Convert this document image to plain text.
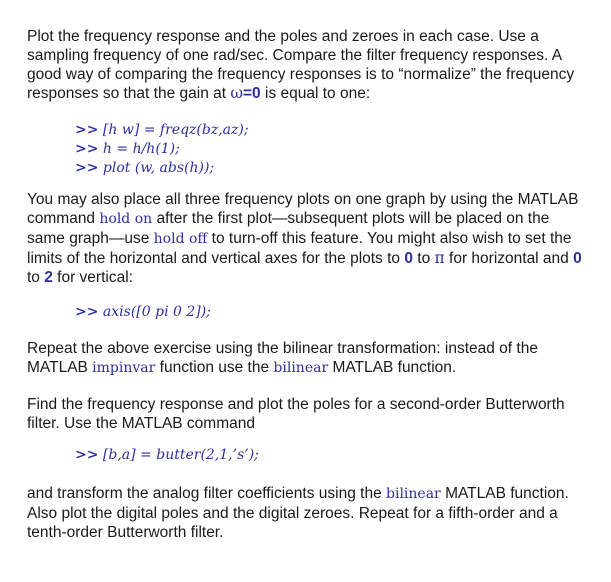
Plot the frequency response and the poles and zeroes in each case. Use a sampling frequency of one rad/sec. Compare the filter frequency responses. A good way of comparing the frequency responses is to “normalize” the frequency responses so that the gain at ω=0 is equal to one:

>> [h w] = freqz(bz,az);
>> h = h/h(1);
>> plot (w, abs(h));

You may also place all three frequency plots on one graph by using the MATLAB command hold on after the first plot—subsequent plots will be placed on the same graph—use hold off to turn-off this feature. You might also wish to set the limits of the horizontal and vertical axes for the plots to 0 to π for horizontal and 0 to 2 for vertical:

>> axis([0 pi 0 2]);

Repeat the above exercise using the bilinear transformation: instead of the MATLAB impinvar function use the bilinear MATLAB function.

Find the frequency response and plot the poles for a second-order Butterworth filter. Use the MATLAB command

>> [b,a] = butter(2,1,’s’);

and transform the analog filter coefficients using the bilinear MATLAB function. Also plot the digital poles and the digital zeroes. Repeat for a fifth-order and a tenth-order Butterworth filter.
